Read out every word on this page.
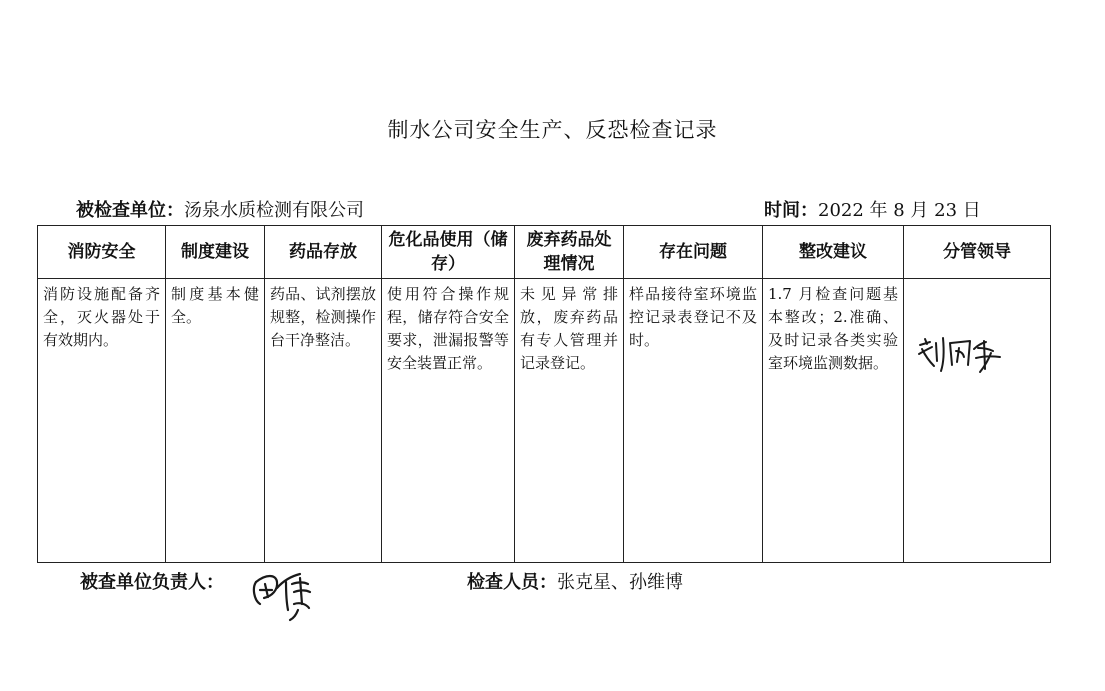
制水公司安全生产、反恐检查记录
被检查单位：汤泉水质检测有限公司	时间：2022 年 8 月 23 日
消防安全	制度建设	药品存放	危化品使用（储存）	废弃药品处理情况	存在问题	整改建议	分管领导
消防设施配备齐全，灭火器处于有效期内。	制度基本健全。	药品、试剂摆放规整，检测操作台干净整洁。	使用符合操作规程，储存符合安全要求，泄漏报警等安全装置正常。	未见异常排放，废弃药品有专人管理并记录登记。	样品接待室环境监控记录表登记不及时。	1.7 月检查问题基本整改；2.准确、及时记录各类实验室环境监测数据。	
被查单位负责人：	检查人员：张克星、孙维博
